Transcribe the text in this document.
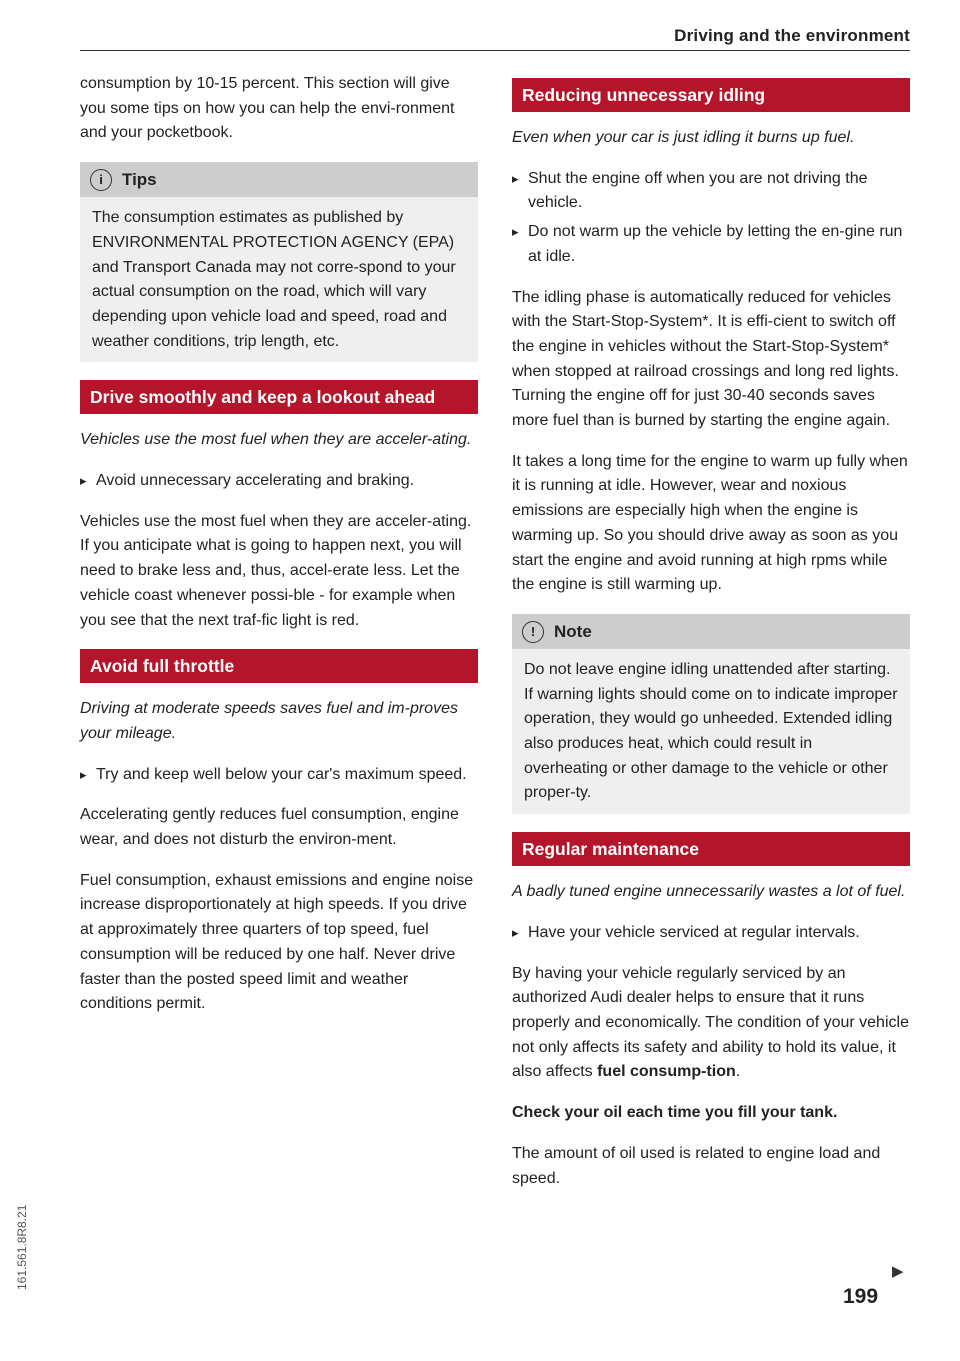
Driving and the environment

consumption by 10-15 percent. This section will give you some tips on how you can help the envi-ronment and your pocketbook.

i	Tips

The consumption estimates as published by ENVIRONMENTAL PROTECTION AGENCY (EPA) and Transport Canada may not corre-spond to your actual consumption on the road, which will vary depending upon vehicle load and speed, road and weather conditions, trip length, etc.

Drive smoothly and keep a lookout ahead

Vehicles use the most fuel when they are acceler-ating.

▸ Avoid unnecessary accelerating and braking.

Vehicles use the most fuel when they are acceler-ating. If you anticipate what is going to happen next, you will need to brake less and, thus, accel-erate less. Let the vehicle coast whenever possi-ble - for example when you see that the next traf-fic light is red.

Avoid full throttle

Driving at moderate speeds saves fuel and im-proves your mileage.

▸ Try and keep well below your car's maximum speed.

Accelerating gently reduces fuel consumption, engine wear, and does not disturb the environ-ment.

Fuel consumption, exhaust emissions and engine noise increase disproportionately at high speeds. If you drive at approximately three quarters of top speed, fuel consumption will be reduced by one half. Never drive faster than the posted speed limit and weather conditions permit.

Reducing unnecessary idling

Even when your car is just idling it burns up fuel.

▸ Shut the engine off when you are not driving the vehicle.

▸ Do not warm up the vehicle by letting the en-gine run at idle.

The idling phase is automatically reduced for vehicles with the Start-Stop-System*. It is effi-cient to switch off the engine in vehicles without the Start-Stop-System* when stopped at railroad crossings and long red lights. Turning the engine off for just 30-40 seconds saves more fuel than is burned by starting the engine again.

It takes a long time for the engine to warm up fully when it is running at idle. However, wear and noxious emissions are especially high when the engine is warming up. So you should drive away as soon as you start the engine and avoid running at high rpms while the engine is still warming up.

!	Note

Do not leave engine idling unattended after starting. If warning lights should come on to indicate improper operation, they would go unheeded. Extended idling also produces heat, which could result in overheating or other damage to the vehicle or other proper-ty.

Regular maintenance

A badly tuned engine unnecessarily wastes a lot of fuel.

▸ Have your vehicle serviced at regular intervals.

By having your vehicle regularly serviced by an authorized Audi dealer helps to ensure that it runs properly and economically. The condition of your vehicle not only affects its safety and ability to hold its value, it also affects fuel consump-tion.

Check your oil each time you fill your tank.

The amount of oil used is related to engine load and speed.

▶
199
161.561.8R8.21
